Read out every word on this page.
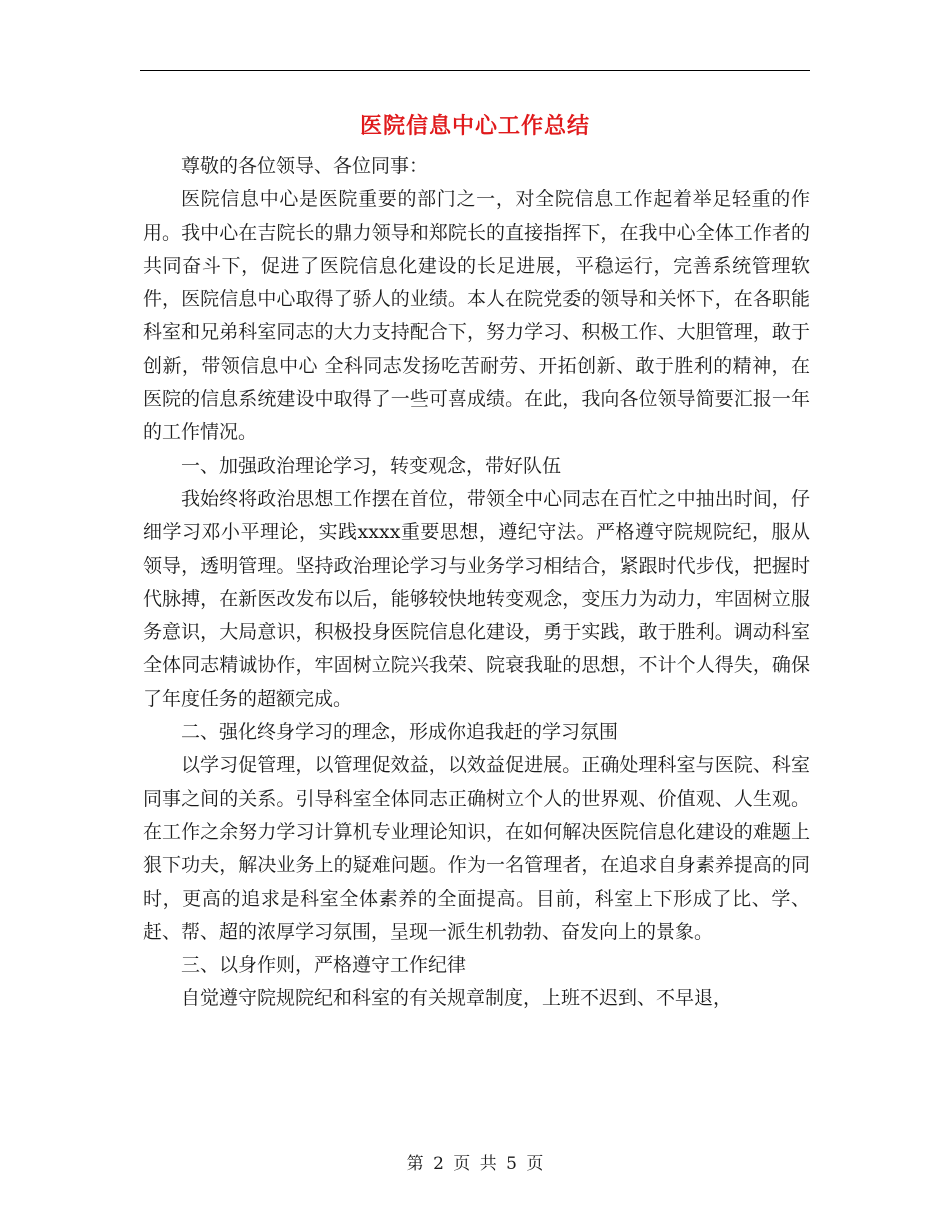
医院信息中心工作总结

尊敬的各位领导、各位同事：

医院信息中心是医院重要的部门之一，对全院信息工作起着举足轻重的作用。我中心在吉院长的鼎力领导和郑院长的直接指挥下，在我中心全体工作者的共同奋斗下，促进了医院信息化建设的长足进展，平稳运行，完善系统管理软件，医院信息中心取得了骄人的业绩。本人在院党委的领导和关怀下，在各职能科室和兄弟科室同志的大力支持配合下，努力学习、积极工作、大胆管理，敢于创新，带领信息中心 全科同志发扬吃苦耐劳、开拓创新、敢于胜利的精神，在医院的信息系统建设中取得了一些可喜成绩。在此，我向各位领导简要汇报一年的工作情况。

一、加强政治理论学习，转变观念，带好队伍

我始终将政治思想工作摆在首位，带领全中心同志在百忙之中抽出时间，仔细学习邓小平理论，实践xxxx重要思想，遵纪守法。严格遵守院规院纪，服从领导，透明管理。坚持政治理论学习与业务学习相结合，紧跟时代步伐，把握时代脉搏，在新医改发布以后，能够较快地转变观念，变压力为动力，牢固树立服务意识，大局意识，积极投身医院信息化建设，勇于实践，敢于胜利。调动科室全体同志精诚协作，牢固树立院兴我荣、院衰我耻的思想，不计个人得失，确保了年度任务的超额完成。

二、强化终身学习的理念，形成你追我赶的学习氛围

以学习促管理，以管理促效益，以效益促进展。正确处理科室与医院、科室同事之间的关系。引导科室全体同志正确树立个人的世界观、价值观、人生观。在工作之余努力学习计算机专业理论知识，在如何解决医院信息化建设的难题上狠下功夫，解决业务上的疑难问题。作为一名管理者，在追求自身素养提高的同时，更高的追求是科室全体素养的全面提高。目前，科室上下形成了比、学、赶、帮、超的浓厚学习氛围，呈现一派生机勃勃、奋发向上的景象。

三、以身作则，严格遵守工作纪律

自觉遵守院规院纪和科室的有关规章制度，上班不迟到、不早退，

第 2 页 共 5 页
